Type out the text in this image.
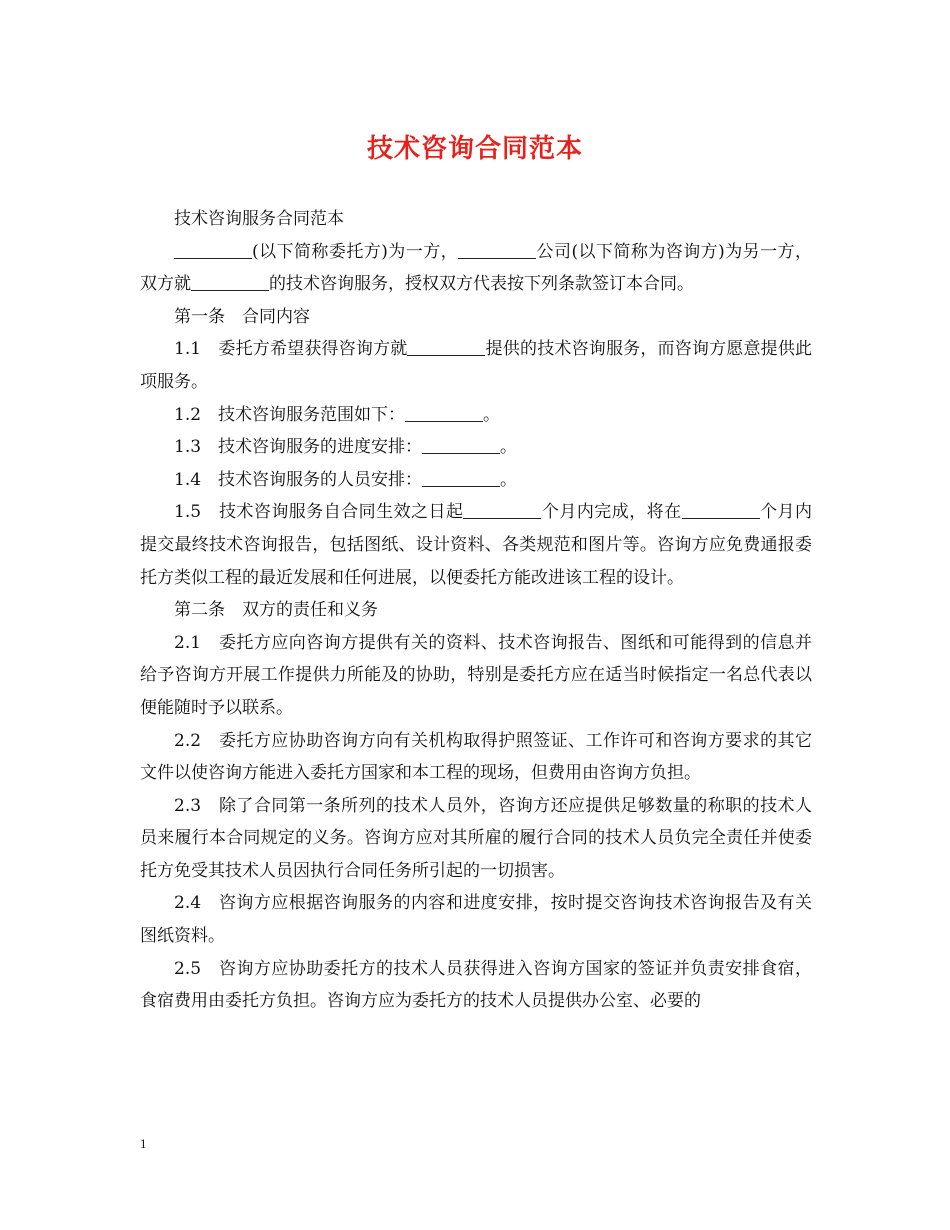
技术咨询合同范本

技术咨询服务合同范本

(以下简称委托方)为一方，	公司(以下简称为咨询方)为另一方，双方就	的技术咨询服务，授权双方代表按下列条款签订本合同。

第一条　合同内容

1.1　委托方希望获得咨询方就	提供的技术咨询服务，而咨询方愿意提供此项服务。

1.2　技术咨询服务范围如下：	。

1.3　技术咨询服务的进度安排：	。

1.4　技术咨询服务的人员安排：	。

1.5　技术咨询服务自合同生效之日起	个月内完成，将在	个月内提交最终技术咨询报告，包括图纸、设计资料、各类规范和图片等。咨询方应免费通报委托方类似工程的最近发展和任何进展，以便委托方能改进该工程的设计。

第二条　双方的责任和义务

2.1　委托方应向咨询方提供有关的资料、技术咨询报告、图纸和可能得到的信息并给予咨询方开展工作提供力所能及的协助，特别是委托方应在适当时候指定一名总代表以便能随时予以联系。

2.2　委托方应协助咨询方向有关机构取得护照签证、工作许可和咨询方要求的其它文件以使咨询方能进入委托方国家和本工程的现场，但费用由咨询方负担。

2.3　除了合同第一条所列的技术人员外，咨询方还应提供足够数量的称职的技术人员来履行本合同规定的义务。咨询方应对其所雇的履行合同的技术人员负完全责任并使委托方免受其技术人员因执行合同任务所引起的一切损害。

2.4　咨询方应根据咨询服务的内容和进度安排，按时提交咨询技术咨询报告及有关图纸资料。

2.5　咨询方应协助委托方的技术人员获得进入咨询方国家的签证并负责安排食宿，食宿费用由委托方负担。咨询方应为委托方的技术人员提供办公室、必要的

1
